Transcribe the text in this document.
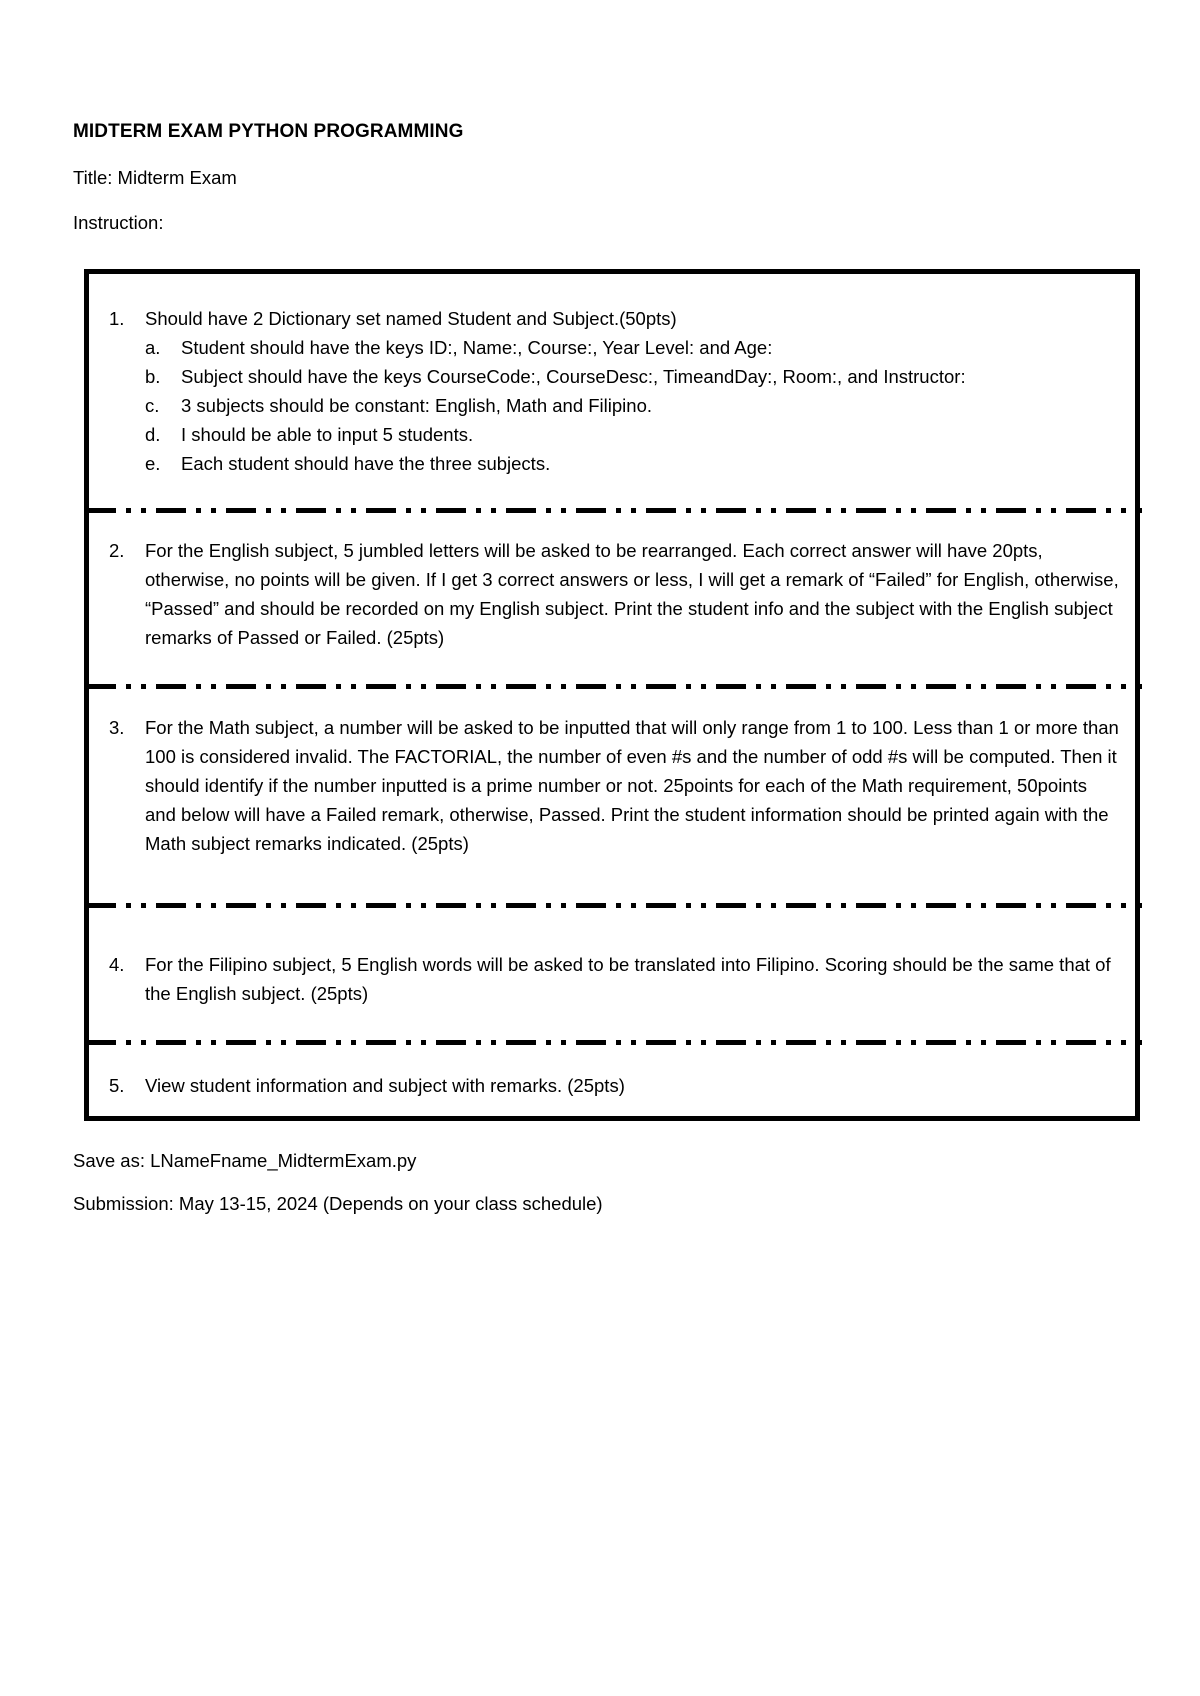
MIDTERM EXAM PYTHON PROGRAMMING
Title: Midterm Exam
Instruction:
1.	Should have 2 Dictionary set named Student and Subject.(50pts)
a.	Student should have the keys ID:, Name:, Course:, Year Level: and Age:
b.	Subject should have the keys CourseCode:, CourseDesc:, TimeandDay:, Room:, and Instructor:
c.	3 subjects should be constant: English, Math and Filipino.
d.	I should be able to input 5 students.
e.	Each student should have the three subjects.
2.	For the English subject, 5 jumbled letters will be asked to be rearranged. Each correct answer will have 20pts, otherwise, no points will be given. If I get 3 correct answers or less, I will get a remark of “Failed” for English, otherwise, “Passed” and should be recorded on my English subject. Print the student info and the subject with the English subject remarks of Passed or Failed. (25pts)
3.	For the Math subject, a number will be asked to be inputted that will only range from 1 to 100. Less than 1 or more than 100 is considered invalid. The FACTORIAL, the number of even #s and the number of odd #s will be computed. Then it should identify if the number inputted is a prime number or not. 25points for each of the Math requirement, 50points and below will have a Failed remark, otherwise, Passed. Print the student information should be printed again with the Math subject remarks indicated. (25pts)
4.	For the Filipino subject, 5 English words will be asked to be translated into Filipino. Scoring should be the same that of the English subject. (25pts)
5.	View student information and subject with remarks. (25pts)
Save as: LNameFname_MidtermExam.py
Submission: May 13-15, 2024 (Depends on your class schedule)
